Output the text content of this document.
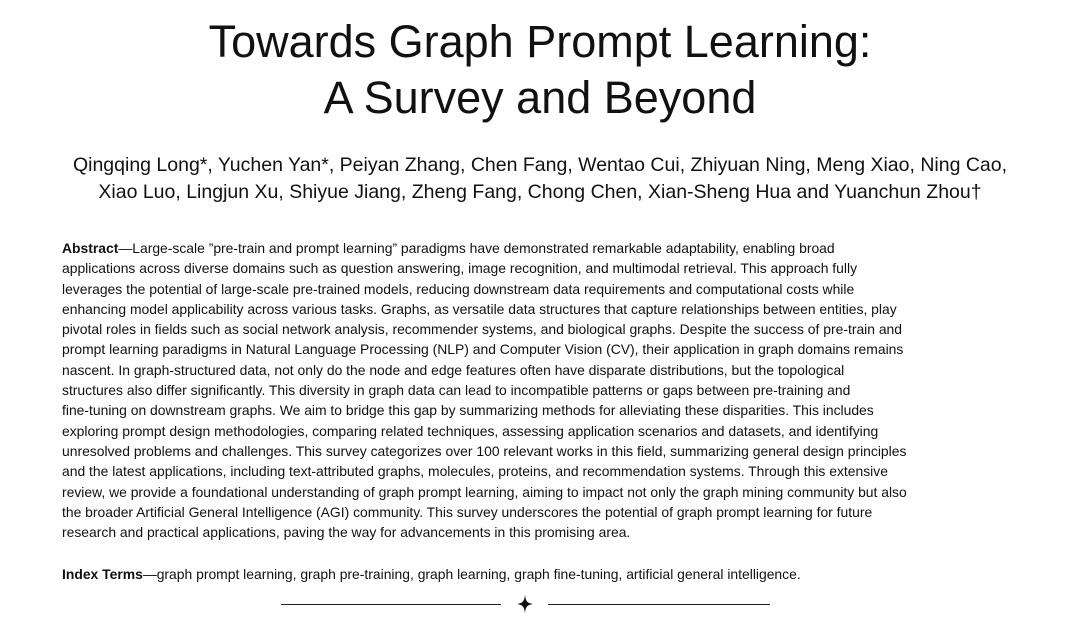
Towards Graph Prompt Learning:
A Survey and Beyond
Qingqing Long*, Yuchen Yan*, Peiyan Zhang, Chen Fang, Wentao Cui, Zhiyuan Ning, Meng Xiao, Ning Cao,
Xiao Luo, Lingjun Xu, Shiyue Jiang, Zheng Fang, Chong Chen, Xian-Sheng Hua and Yuanchun Zhou†
Abstract—Large-scale ”pre-train and prompt learning” paradigms have demonstrated remarkable adaptability, enabling broad
applications across diverse domains such as question answering, image recognition, and multimodal retrieval. This approach fully
leverages the potential of large-scale pre-trained models, reducing downstream data requirements and computational costs while
enhancing model applicability across various tasks. Graphs, as versatile data structures that capture relationships between entities, play
pivotal roles in fields such as social network analysis, recommender systems, and biological graphs. Despite the success of pre-train and
prompt learning paradigms in Natural Language Processing (NLP) and Computer Vision (CV), their application in graph domains remains
nascent. In graph-structured data, not only do the node and edge features often have disparate distributions, but the topological
structures also differ significantly. This diversity in graph data can lead to incompatible patterns or gaps between pre-training and
fine-tuning on downstream graphs. We aim to bridge this gap by summarizing methods for alleviating these disparities. This includes
exploring prompt design methodologies, comparing related techniques, assessing application scenarios and datasets, and identifying
unresolved problems and challenges. This survey categorizes over 100 relevant works in this field, summarizing general design principles
and the latest applications, including text-attributed graphs, molecules, proteins, and recommendation systems. Through this extensive
review, we provide a foundational understanding of graph prompt learning, aiming to impact not only the graph mining community but also
the broader Artificial General Intelligence (AGI) community. This survey underscores the potential of graph prompt learning for future
research and practical applications, paving the way for advancements in this promising area.
Index Terms—graph prompt learning, graph pre-training, graph learning, graph fine-tuning, artificial general intelligence.
